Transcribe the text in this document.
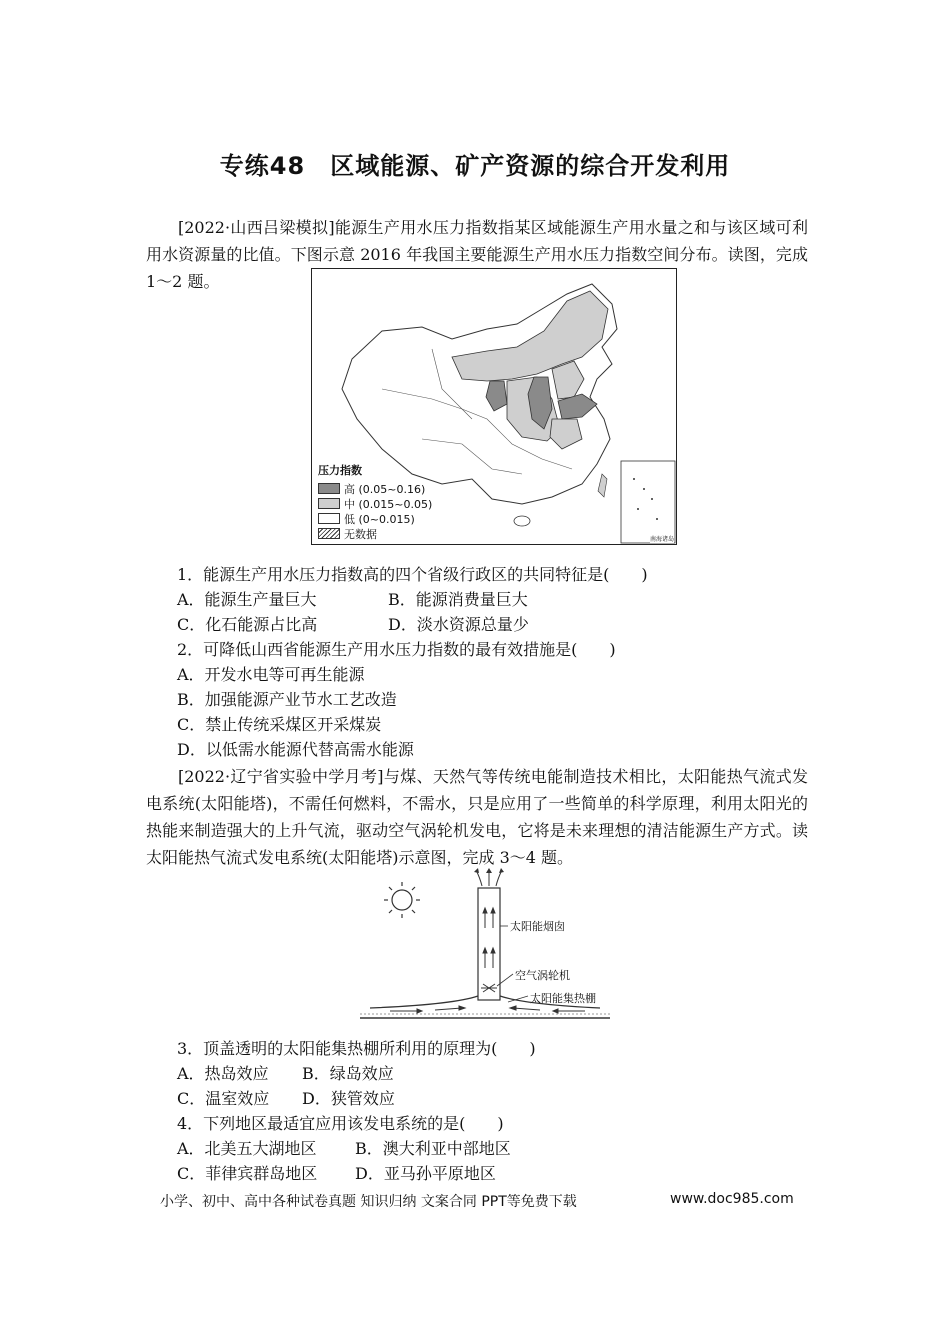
专练48　区域能源、矿产资源的综合开发利用
[2022·山西吕梁模拟]能源生产用水压力指数指某区域能源生产用水量之和与该区域可利用水资源量的比值。下图示意 2016 年我国主要能源生产用水压力指数空间分布。读图，完成 1～2 题。
南海诸岛
压力指数
高 (0.05~0.16)
中 (0.015~0.05)
低 (0~0.015)
无数据
1．能源生产用水压力指数高的四个省级行政区的共同特征是(　　)
A．能源生产量巨大	B．能源消费量巨大
C．化石能源占比高	D．淡水资源总量少
2．可降低山西省能源生产用水压力指数的最有效措施是(　　)
A．开发水电等可再生能源
B．加强能源产业节水工艺改造
C．禁止传统采煤区开采煤炭
D．以低需水能源代替高需水能源
[2022·辽宁省实验中学月考]与煤、天然气等传统电能制造技术相比，太阳能热气流式发电系统(太阳能塔)，不需任何燃料，不需水，只是应用了一些简单的科学原理，利用太阳光的热能来制造强大的上升气流，驱动空气涡轮机发电，它将是未来理想的清洁能源生产方式。读太阳能热气流式发电系统(太阳能塔)示意图，完成 3～4 题。
太阳能烟囱
空气涡轮机
太阳能集热棚
3．顶盖透明的太阳能集热棚所利用的原理为(　　)
A．热岛效应 B．绿岛效应
C．温室效应 D．狭管效应
4．下列地区最适宜应用该发电系统的是(　　)
A．北美五大湖地区 B．澳大利亚中部地区
C．菲律宾群岛地区 D．亚马孙平原地区
小学、初中、高中各种试卷真题 知识归纳 文案合同 PPT等免费下载	www.doc985.com
